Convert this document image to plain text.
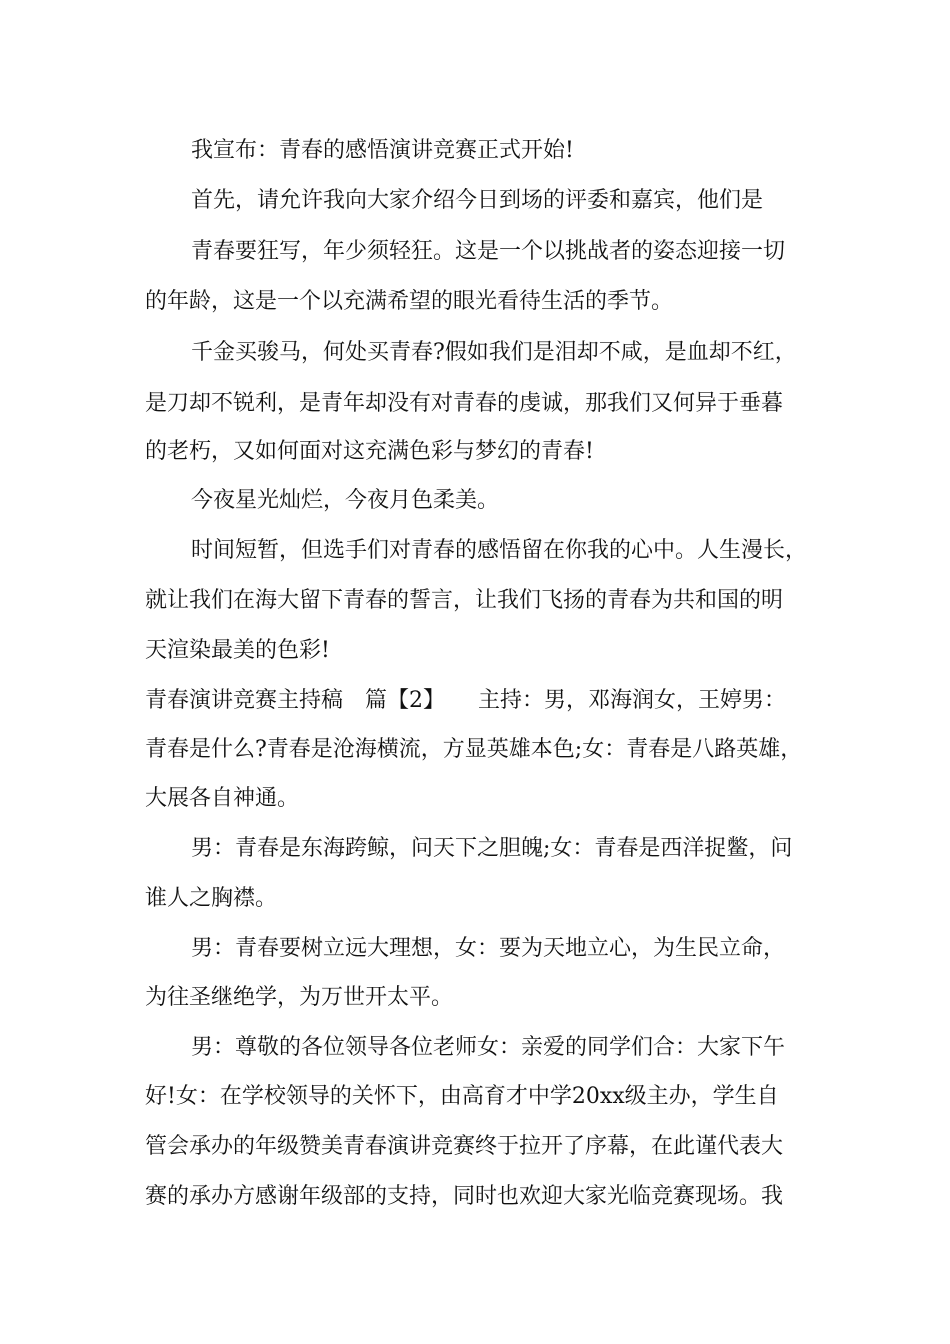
我宣布：青春的感悟演讲竞赛正式开始!
首先，请允许我向大家介绍今日到场的评委和嘉宾，他们是
青春要狂写，年少须轻狂。这是一个以挑战者的姿态迎接一切
的年龄，这是一个以充满希望的眼光看待生活的季节。
千金买骏马，何处买青春?假如我们是泪却不咸，是血却不红，
是刀却不锐利，是青年却没有对青春的虔诚，那我们又何异于垂暮
的老朽，又如何面对这充满色彩与梦幻的青春!
今夜星光灿烂，今夜月色柔美。
时间短暂，但选手们对青春的感悟留在你我的心中。人生漫长，
就让我们在海大留下青春的誓言，让我们飞扬的青春为共和国的明
天渲染最美的色彩!
青春演讲竞赛主持稿　篇【2】　　主持：男，邓海润女，王婷男：
青春是什么?青春是沧海横流，方显英雄本色;女：青春是八路英雄，
大展各自神通。
男：青春是东海跨鲸，问天下之胆魄;女：青春是西洋捉鳖，问
谁人之胸襟。
男：青春要树立远大理想，女：要为天地立心，为生民立命，
为往圣继绝学，为万世开太平。
男：尊敬的各位领导各位老师女：亲爱的同学们合：大家下午
好!女：在学校领导的关怀下，由高育才中学20xx级主办，学生自
管会承办的年级赞美青春演讲竞赛终于拉开了序幕，在此谨代表大
赛的承办方感谢年级部的支持，同时也欢迎大家光临竞赛现场。我
